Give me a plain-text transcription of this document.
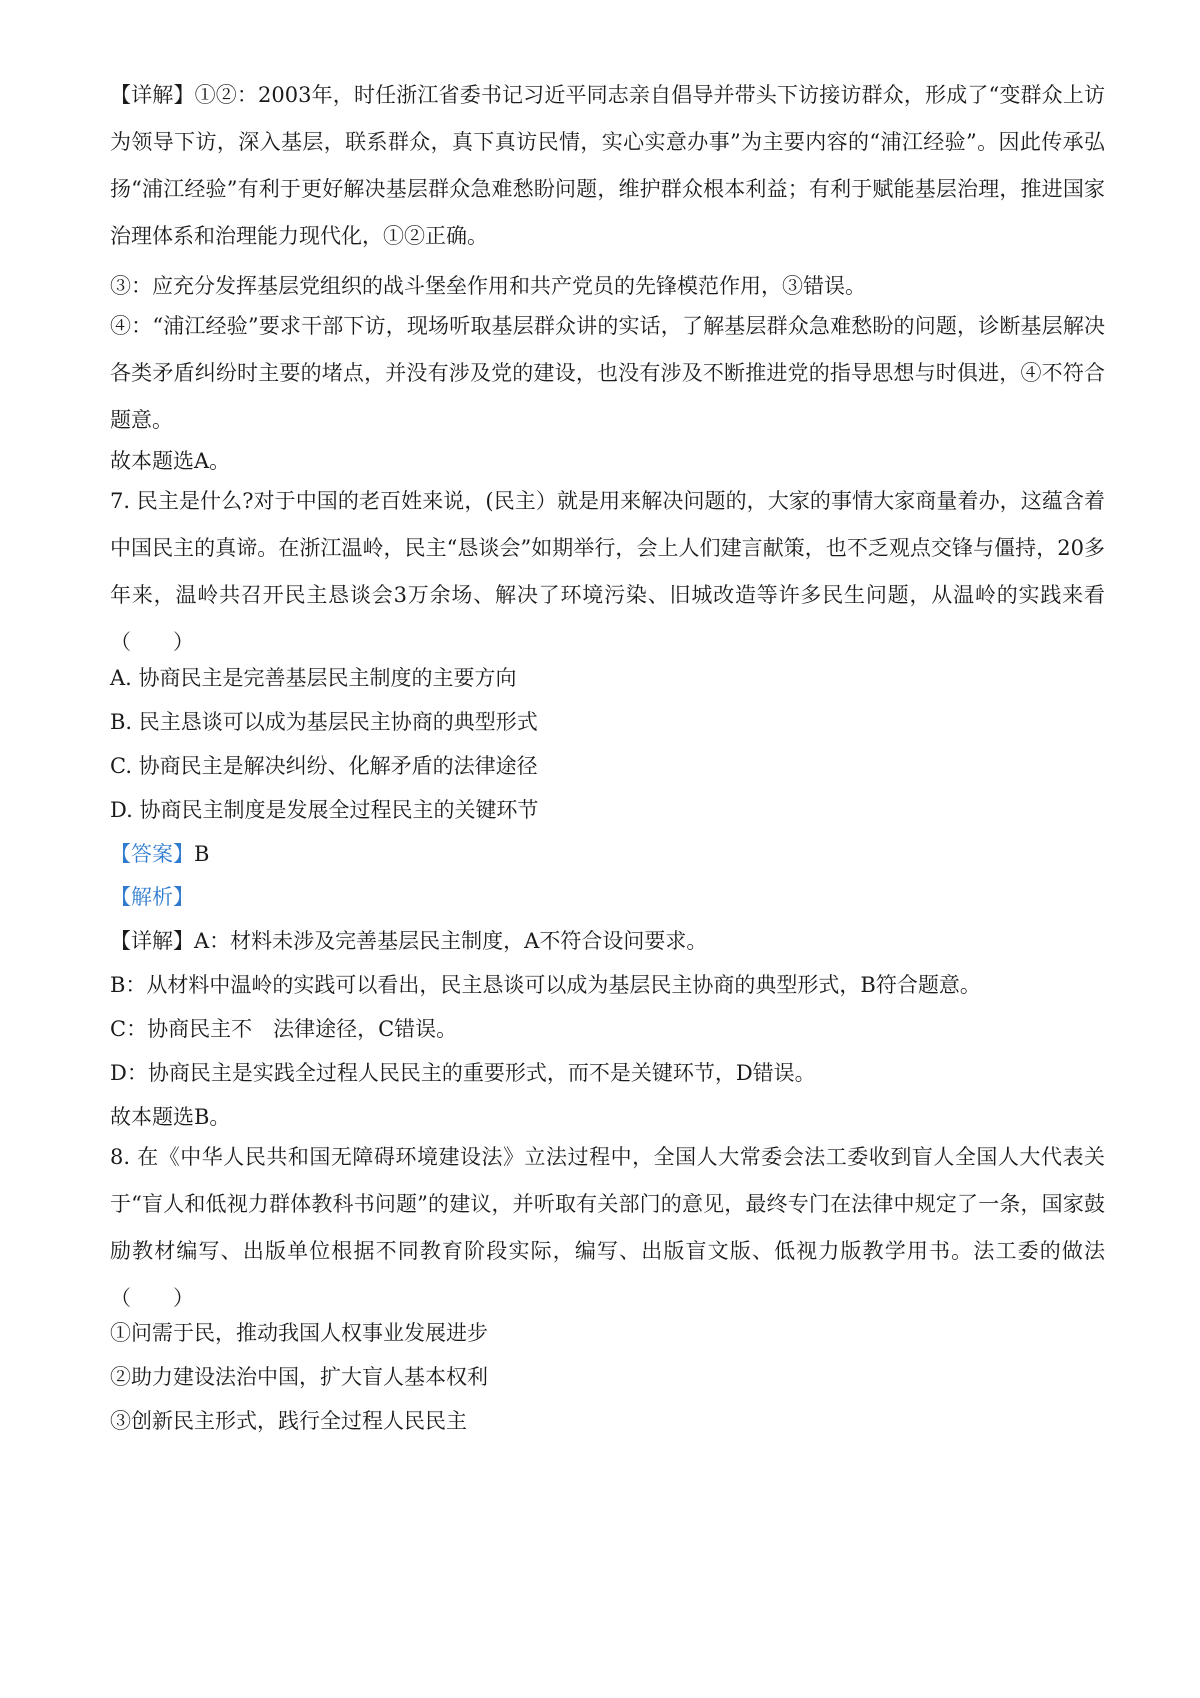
【详解】①②：2003年，时任浙江省委书记习近平同志亲自倡导并带头下访接访群众，形成了“变群众上访为领导下访，深入基层，联系群众，真下真访民情，实心实意办事”为主要内容的“浦江经验”。因此传承弘扬“浦江经验”有利于更好解决基层群众急难愁盼问题，维护群众根本利益；有利于赋能基层治理，推进国家治理体系和治理能力现代化，①②正确。
③：应充分发挥基层党组织的战斗堡垒作用和共产党员的先锋模范作用，③错误。
④：“浦江经验”要求干部下访，现场听取基层群众讲的实话，了解基层群众急难愁盼的问题，诊断基层解决各类矛盾纠纷时主要的堵点，并没有涉及党的建设，也没有涉及不断推进党的指导思想与时俱进，④不符合题意。
故本题选A。
7. 民主是什么?对于中国的老百姓来说，(民主）就是用来解决问题的，大家的事情大家商量着办，这蕴含着中国民主的真谛。在浙江温岭，民主“恳谈会”如期举行，会上人们建言献策，也不乏观点交锋与僵持，20多年来，温岭共召开民主恳谈会3万余场、解决了环境污染、旧城改造等许多民生问题，从温岭的实践来看（　　）
A. 协商民主是完善基层民主制度的主要方向
B. 民主恳谈可以成为基层民主协商的典型形式
C. 协商民主是解决纠纷、化解矛盾的法律途径
D. 协商民主制度是发展全过程民主的关键环节
【答案】B
【解析】
【详解】A：材料未涉及完善基层民主制度，A不符合设问要求。
B：从材料中温岭的实践可以看出，民主恳谈可以成为基层民主协商的典型形式，B符合题意。
C：协商民主不　法律途径，C错误。
D：协商民主是实践全过程人民民主的重要形式，而不是关键环节，D错误。
故本题选B。
8. 在《中华人民共和国无障碍环境建设法》立法过程中，全国人大常委会法工委收到盲人全国人大代表关于“盲人和低视力群体教科书问题”的建议，并听取有关部门的意见，最终专门在法律中规定了一条，国家鼓励教材编写、出版单位根据不同教育阶段实际，编写、出版盲文版、低视力版教学用书。法工委的做法（　　）
①问需于民，推动我国人权事业发展进步
②助力建设法治中国，扩大盲人基本权利
③创新民主形式，践行全过程人民民主
